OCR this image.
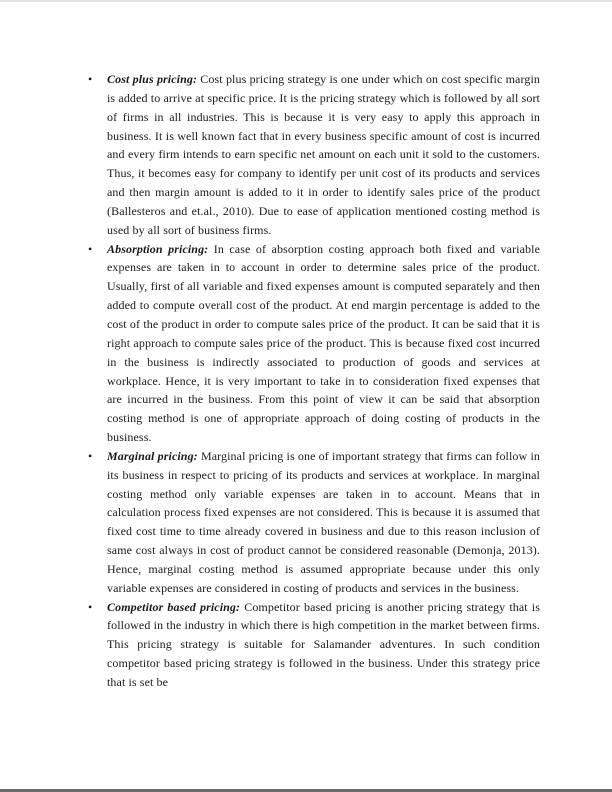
• Cost plus pricing: Cost plus pricing strategy is one under which on cost specific margin is added to arrive at specific price. It is the pricing strategy which is followed by all sort of firms in all industries. This is because it is very easy to apply this approach in business. It is well known fact that in every business specific amount of cost is incurred and every firm intends to earn specific net amount on each unit it sold to the customers. Thus, it becomes easy for company to identify per unit cost of its products and services and then margin amount is added to it in order to identify sales price of the product (Ballesteros and et.al., 2010). Due to ease of application mentioned costing method is used by all sort of business firms.
• Absorption pricing: In case of absorption costing approach both fixed and variable expenses are taken in to account in order to determine sales price of the product. Usually, first of all variable and fixed expenses amount is computed separately and then added to compute overall cost of the product. At end margin percentage is added to the cost of the product in order to compute sales price of the product. It can be said that it is right approach to compute sales price of the product. This is because fixed cost incurred in the business is indirectly associated to production of goods and services at workplace. Hence, it is very important to take in to consideration fixed expenses that are incurred in the business. From this point of view it can be said that absorption costing method is one of appropriate approach of doing costing of products in the business.
• Marginal pricing: Marginal pricing is one of important strategy that firms can follow in its business in respect to pricing of its products and services at workplace. In marginal costing method only variable expenses are taken in to account. Means that in calculation process fixed expenses are not considered. This is because it is assumed that fixed cost time to time already covered in business and due to this reason inclusion of same cost always in cost of product cannot be considered reasonable (Demonja, 2013). Hence, marginal costing method is assumed appropriate because under this only variable expenses are considered in costing of products and services in the business.
• Competitor based pricing: Competitor based pricing is another pricing strategy that is followed in the industry in which there is high competition in the market between firms. This pricing strategy is suitable for Salamander adventures. In such condition competitor based pricing strategy is followed in the business. Under this strategy price that is set be
